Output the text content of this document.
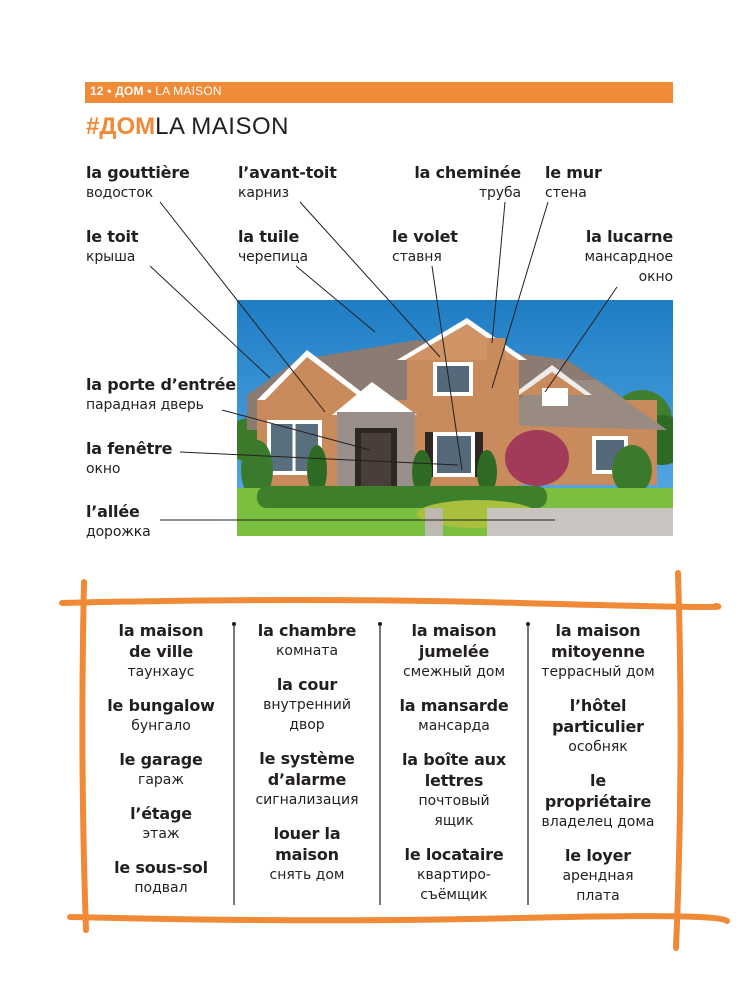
12 • ДОМ • LA MAISON
#ДОМLA MAISON
la gouttière
водосток
l’avant-toit
карниз
la cheminée
труба
le mur
стена
le toit
крыша
la tuile
черепица
le volet
ставня
la lucarne
мансардное
окно
la porte d’entrée
парадная дверь
la fenêtre
окно
l’allée
дорожка
la maison
de ville
таунхаус
le bungalow
бунгало
le garage
гараж
l’étage
этаж
le sous-sol
подвал
la chambre
комната
la cour
внутренний
двор
le système
d’alarme
сигнализация
louer la
maison
снять дом
la maison
jumelée
смежный дом
la mansarde
мансарда
la boîte aux
lettres
почтовый
ящик
le locataire
квартиро-
съёмщик
la maison
mitoyenne
террасный дом
l’hôtel
particulier
особняк
le
propriétaire
владелец дома
le loyer
арендная
плата
